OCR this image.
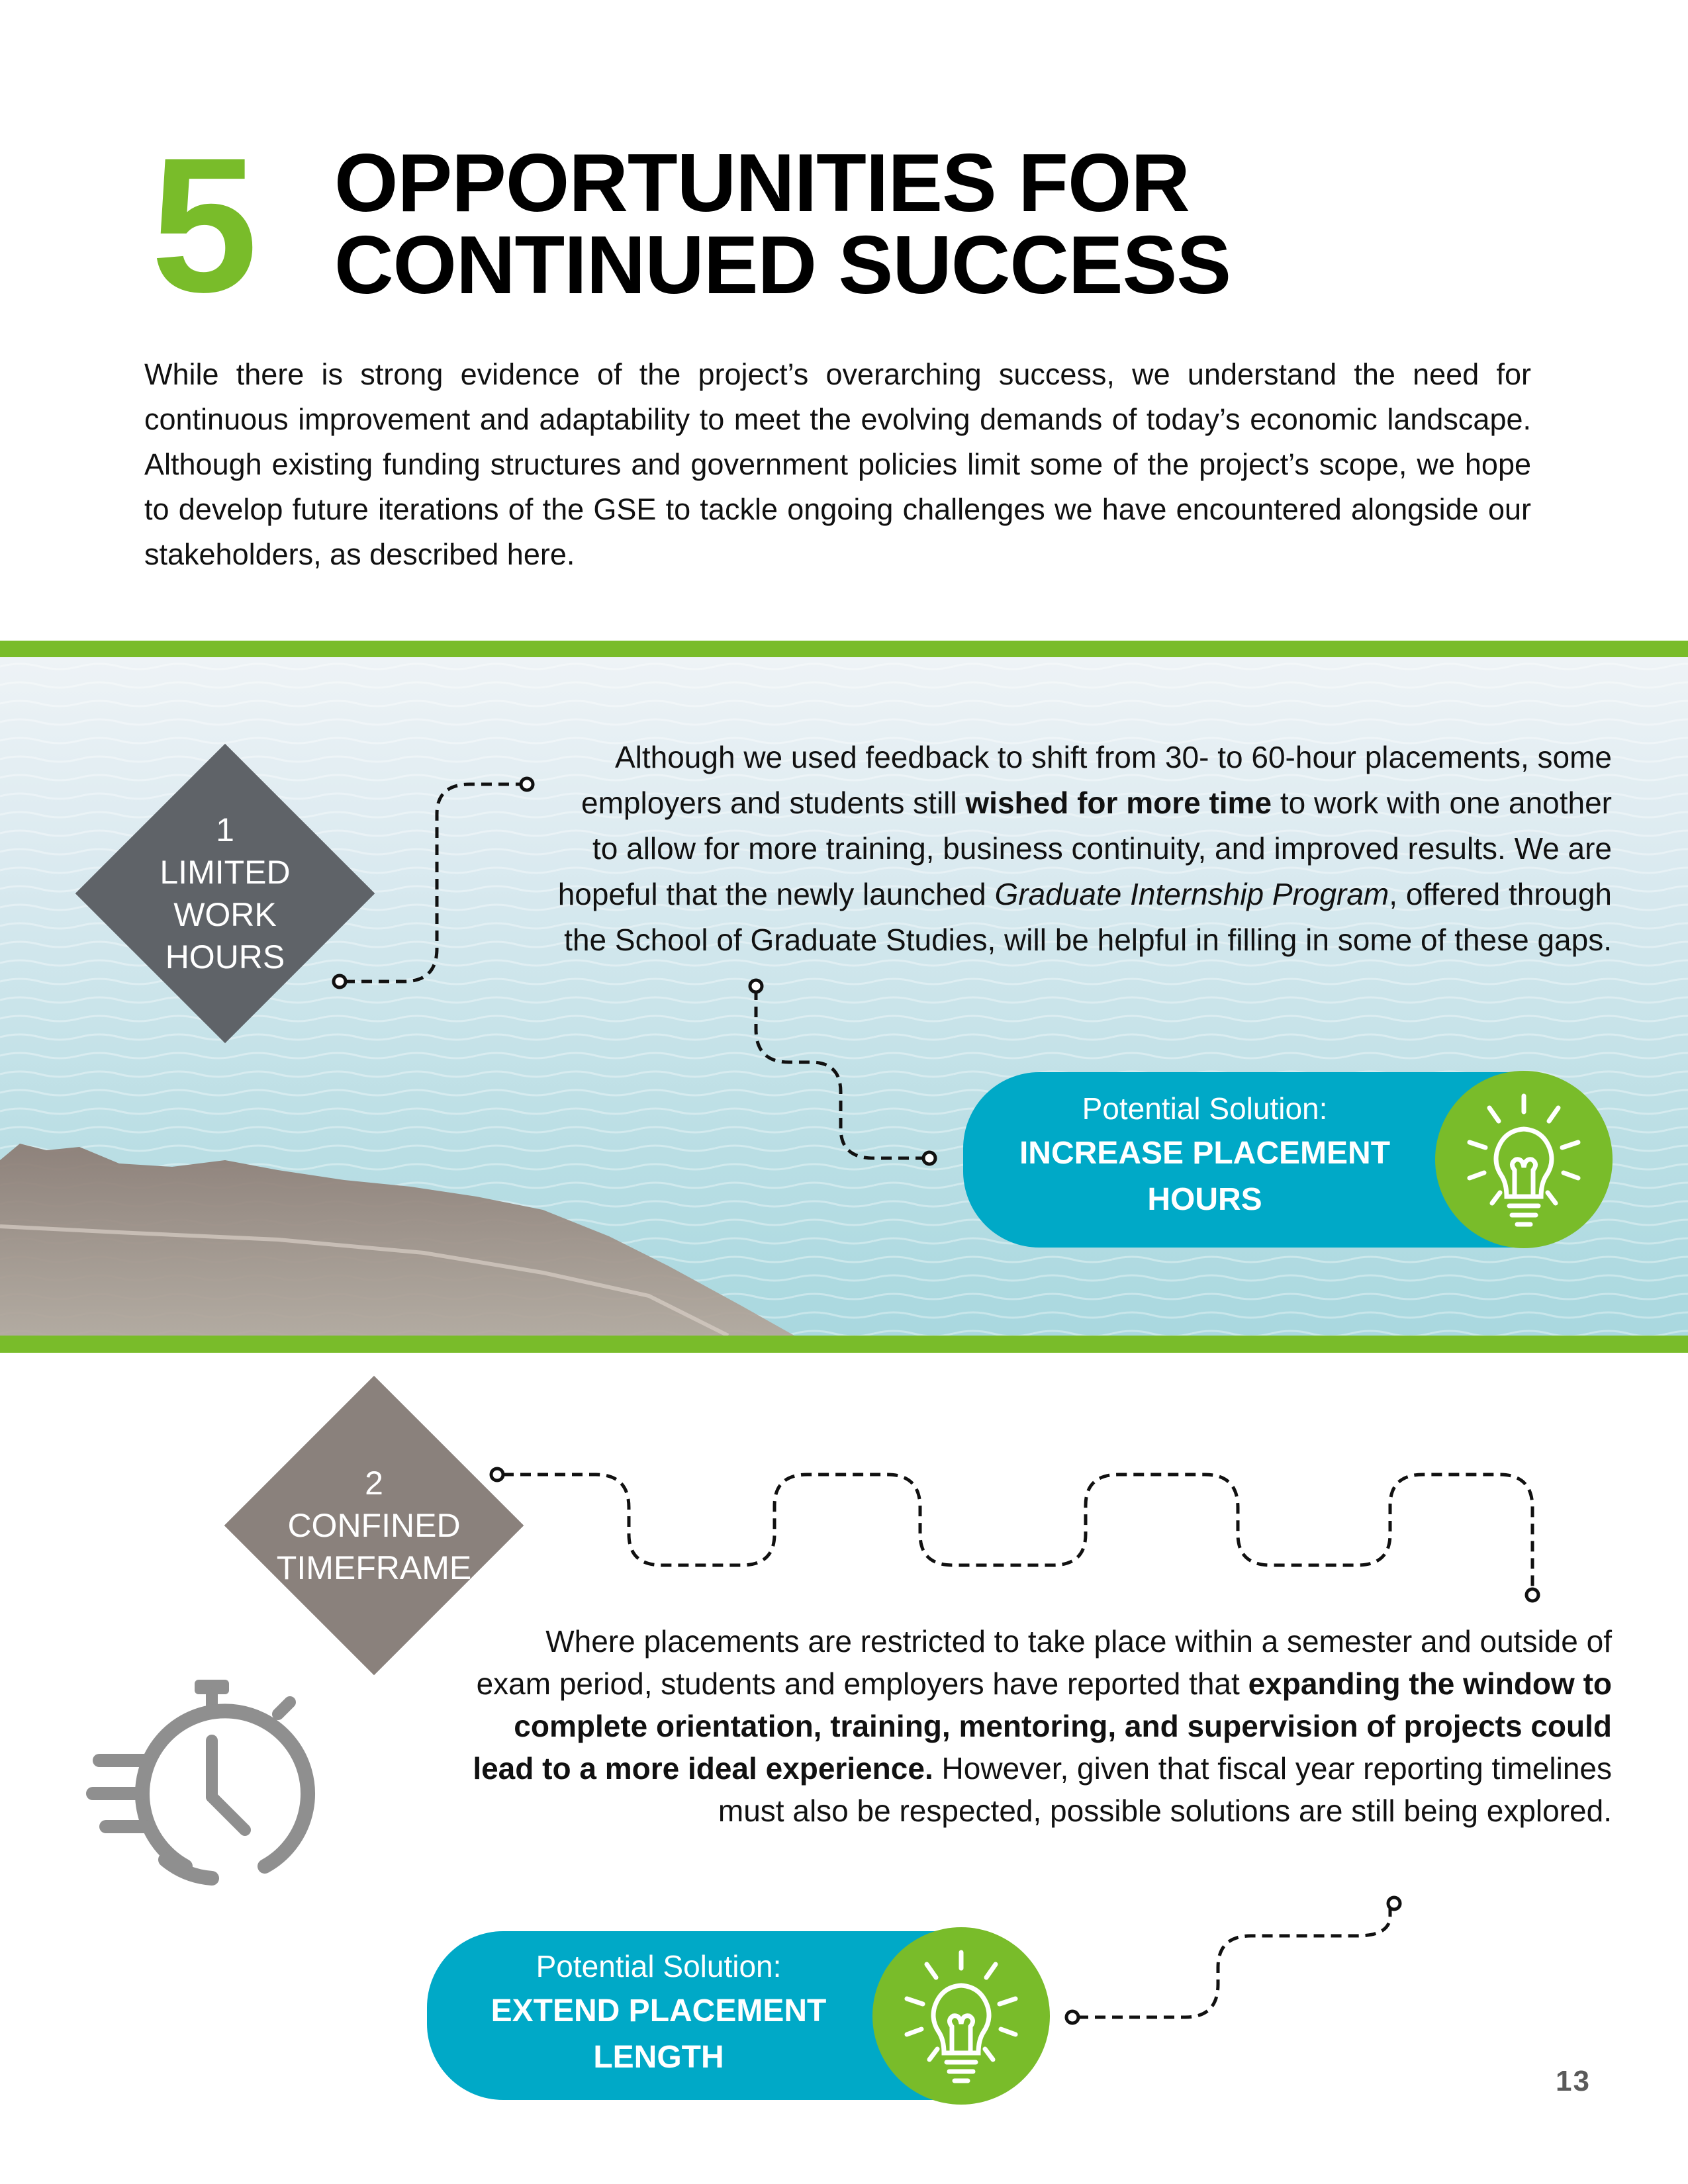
5 OPPORTUNITIES FOR
CONTINUED SUCCESS
While there is strong evidence of the project’s overarching success, we understand the need for continuous improvement and adaptability to meet the evolving demands of today’s economic landscape. Although existing funding structures and government policies limit some of the project’s scope, we hope to develop future iterations of the GSE to tackle ongoing challenges we have encountered alongside our stakeholders, as described here.
1
LIMITED
WORK
HOURS
Although we used feedback to shift from 30- to 60-hour placements, some employers and students still wished for more time to work with one another to allow for more training, business continuity, and improved results. We are hopeful that the newly launched Graduate Internship Program, offered through the School of Graduate Studies, will be helpful in filling in some of these gaps.
Potential Solution:
INCREASE PLACEMENT
HOURS
2
CONFINED
TIMEFRAME
Where placements are restricted to take place within a semester and outside of exam period, students and employers have reported that expanding the window to complete orientation, training, mentoring, and supervision of projects could lead to a more ideal experience. However, given that fiscal year reporting timelines must also be respected, possible solutions are still being explored.
Potential Solution:
EXTEND PLACEMENT
LENGTH
13
